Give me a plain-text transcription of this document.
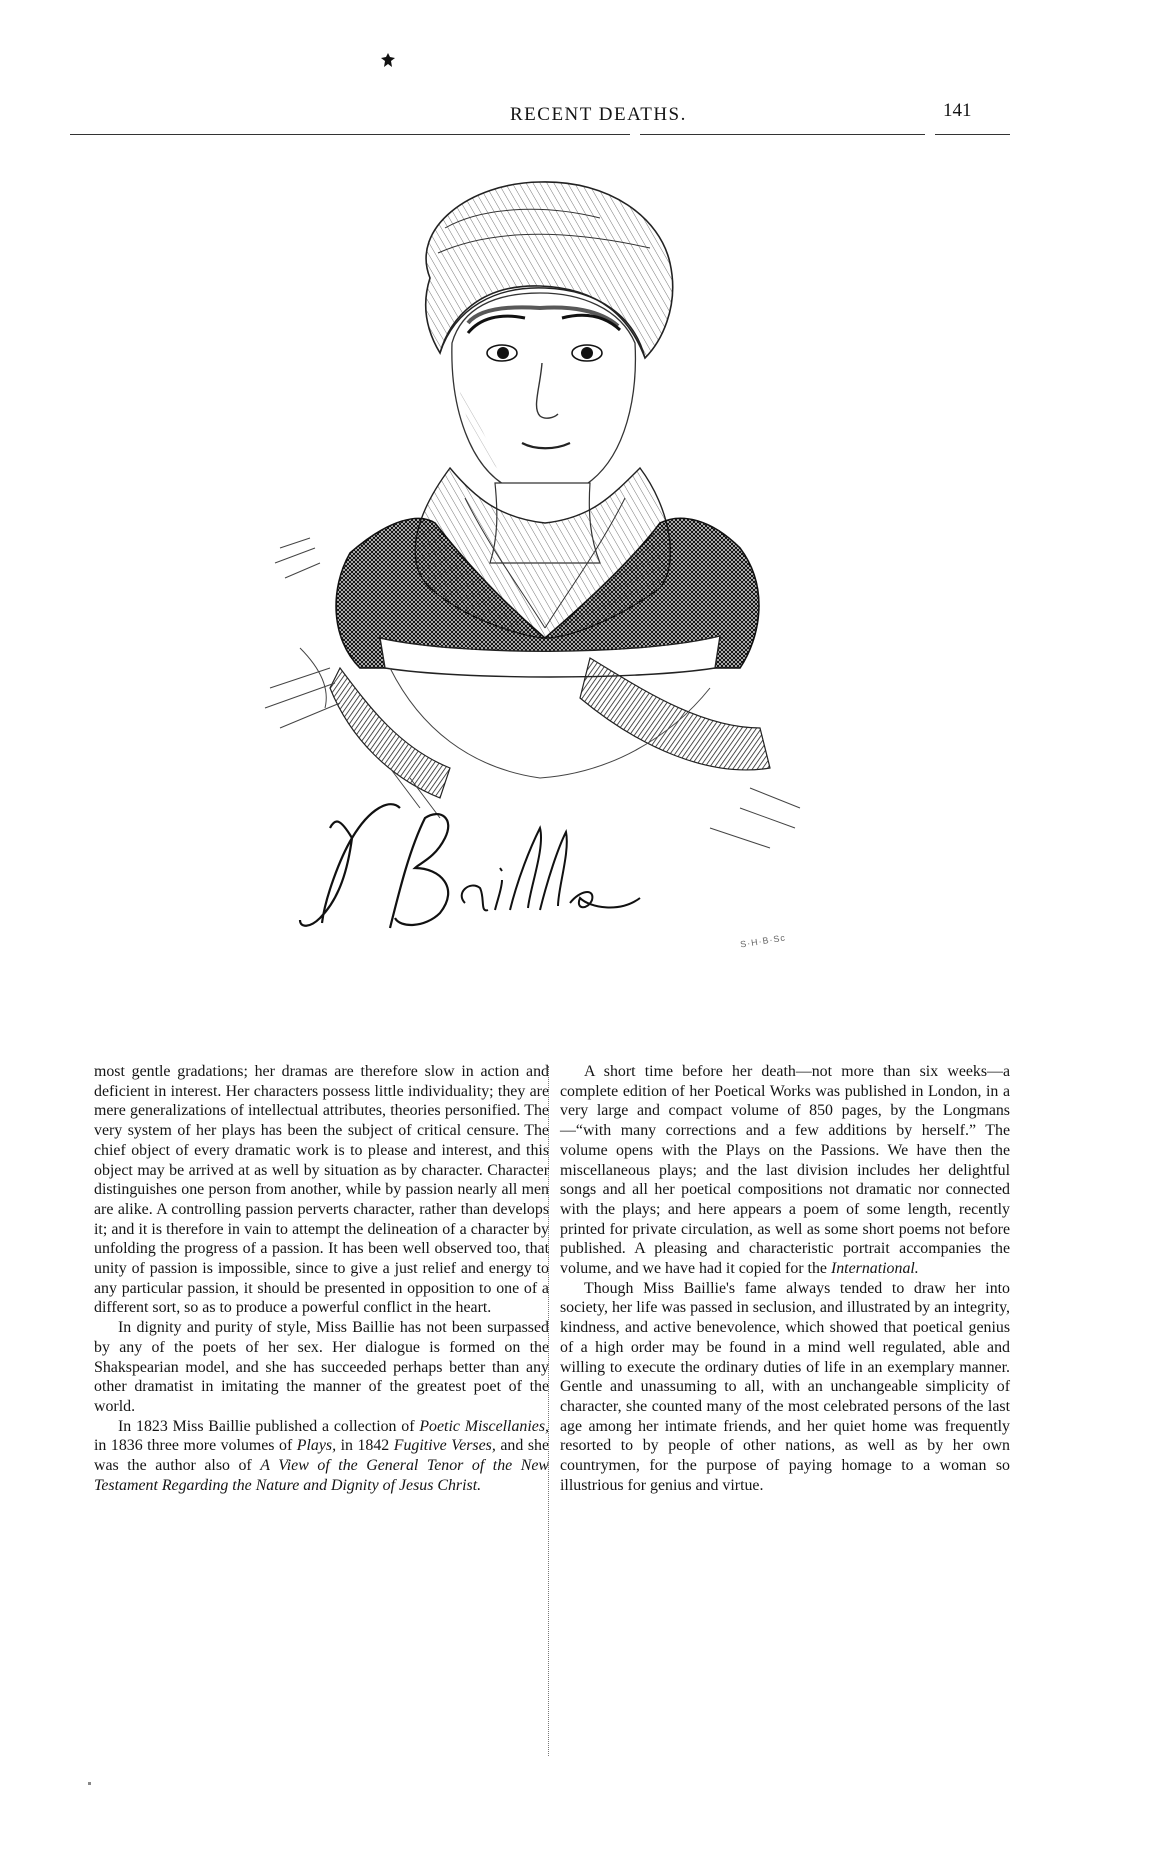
RECENT DEATHS.	141
S·H·B·Sc

most gentle gradations; her dramas are therefore slow in action and deficient in interest. Her characters possess little individuality; they are mere generalizations of intellectual attributes, theories personified. The very system of her plays has been the subject of critical censure. The chief object of every dramatic work is to please and interest, and this object may be arrived at as well by situation as by character. Character distinguishes one person from another, while by passion nearly all men are alike. A controlling passion perverts character, rather than develops it; and it is therefore in vain to attempt the delineation of a character by unfolding the progress of a passion. It has been well observed too, that unity of passion is impossible, since to give a just relief and energy to any particular passion, it should be presented in opposition to one of a different sort, so as to produce a powerful conflict in the heart.

In dignity and purity of style, Miss Baillie has not been surpassed by any of the poets of her sex. Her dialogue is formed on the Shakspearian model, and she has succeeded perhaps better than any other dramatist in imitating the manner of the greatest poet of the world.

In 1823 Miss Baillie published a collection of Poetic Miscellanies, in 1836 three more volumes of Plays, in 1842 Fugitive Verses, and she was the author also of A View of the General Tenor of the New Testament Regarding the Nature and Dignity of Jesus Christ.

A short time before her death—not more than six weeks—a complete edition of her Poetical Works was published in London, in a very large and compact volume of 850 pages, by the Longmans—“with many corrections and a few additions by herself.” The volume opens with the Plays on the Passions. We have then the miscellaneous plays; and the last division includes her delightful songs and all her poetical compositions not dramatic nor connected with the plays; and here appears a poem of some length, recently printed for private circulation, as well as some short poems not before published. A pleasing and characteristic portrait accompanies the volume, and we have had it copied for the International.

Though Miss Baillie's fame always tended to draw her into society, her life was passed in seclusion, and illustrated by an integrity, kindness, and active benevolence, which showed that poetical genius of a high order may be found in a mind well regulated, able and willing to execute the ordinary duties of life in an exemplary manner. Gentle and unassuming to all, with an unchangeable simplicity of character, she counted many of the most celebrated persons of the last age among her intimate friends, and her quiet home was frequently resorted to by people of other nations, as well as by her own countrymen, for the purpose of paying homage to a woman so illustrious for genius and virtue.
